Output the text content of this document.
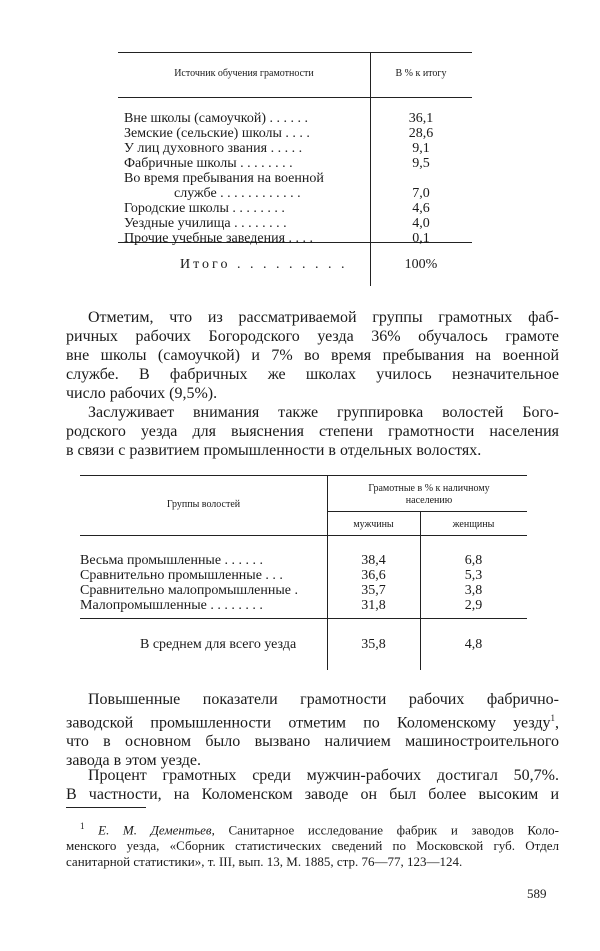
Источник обучения грамотности	В % к итогу
Вне школы (самоучкой) . . . . . .	36,1
Земские (сельские) школы . . . .	28,6
У лиц духовного звания . . . . .	9,1
Фабричные школы . . . . . . . .	9,5
Во время пребывания на военной
службе . . . . . . . . . . . .	7,0
Городские школы . . . . . . . .	4,6
Уездные училища . . . . . . . .	4,0
Прочие учебные заведения . . . .	0,1
Итого . . . . . . . . .	100%
Отметим, что из рассматриваемой группы грамотных фаб-
ричных рабочих Богородского уезда 36% обучалось грамоте
вне школы (самоучкой) и 7% во время пребывания на военной
службе. В фабричных же школах училось незначительное
число рабочих (9,5%).
Заслуживает внимания также группировка волостей Бого-
родского уезда для выяснения степени грамотности населения
в связи с развитием промышленности в отдельных волостях.
Группы волостей
Грамотные в % к наличному
населению
мужчины	женщины
Весьма промышленные . . . . . .	38,4	6,8
Сравнительно промышленные . . .	36,6	5,3
Сравнительно малопромышленные .	35,7	3,8
Малопромышленные . . . . . . . .	31,8	2,9
В среднем для всего уезда	35,8	4,8
Повышенные показатели грамотности рабочих фабрично-
заводской промышленности отметим по Коломенскому уезду$^1$,
что в основном было вызвано наличием машиностроительного
завода в этом уезде.
Процент грамотных среди мужчин-рабочих достигал 50,7%.
В частности, на Коломенском заводе он был более высоким и
$^1$ Е. М. Дементьев, Санитарное исследование фабрик и заводов Коло-
менского уезда, «Сборник статистических сведений по Московской губ. Отдел
санитарной статистики», т. III, вып. 13, М. 1885, стр. 76—77, 123—124.
589
